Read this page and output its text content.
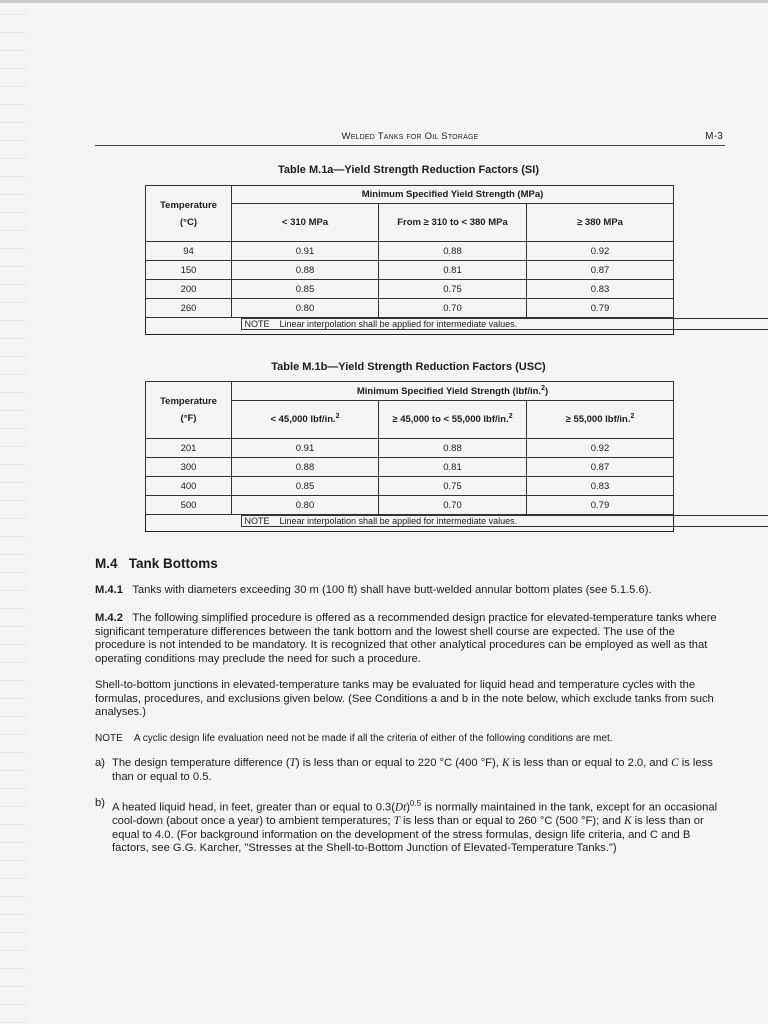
Welded Tanks for Oil Storage	M-3
Table M.1a—Yield Strength Reduction Factors (SI)
Temperature
(°C)	Minimum Specified Yield Strength (MPa)		
	< 310 MPa	From ≥ 310 to < 380 MPa	≥ 380 MPa
94	0.91	0.88	0.92
150	0.88	0.81	0.87
200	0.85	0.75	0.83
260	0.80	0.70	0.79

NOTE    Linear interpolation shall be applied for intermediate values.
Table M.1b—Yield Strength Reduction Factors (USC)
Temperature
(°F)	Minimum Specified Yield Strength (lbf/in.$^2$)		
	< 45,000 lbf/in.$^2$	≥ 45,000 to < 55,000 lbf/in.$^2$	≥ 55,000 lbf/in.$^2$
201	0.91	0.88	0.92
300	0.88	0.81	0.87
400	0.85	0.75	0.83
500	0.80	0.70	0.79

NOTE    Linear interpolation shall be applied for intermediate values.
M.4 Tank Bottoms
M.4.1 Tanks with diameters exceeding 30 m (100 ft) shall have butt-welded annular bottom plates (see 5.1.5.6).
M.4.2 The following simplified procedure is offered as a recommended design practice for elevated-temperature tanks where significant temperature differences between the tank bottom and the lowest shell course are expected. The use of the procedure is not intended to be mandatory. It is recognized that other analytical procedures can be employed as well as that operating conditions may preclude the need for such a procedure.
Shell-to-bottom junctions in elevated-temperature tanks may be evaluated for liquid head and temperature cycles with the formulas, procedures, and exclusions given below. (See Conditions a and b in the note below, which exclude tanks from such analyses.)
NOTE A cyclic design life evaluation need not be made if all the criteria of either of the following conditions are met.
a) The design temperature difference (T) is less than or equal to 220 °C (400 °F), K is less than or equal to 2.0, and C is less than or equal to 0.5.
b) A heated liquid head, in feet, greater than or equal to $0.3(Dt)^{0.5}$ is normally maintained in the tank, except for an occasional cool-down (about once a year) to ambient temperatures; T is less than or equal to 260 °C (500 °F); and K is less than or equal to 4.0. (For background information on the development of the stress formulas, design life criteria, and C and B factors, see G.G. Karcher, "Stresses at the Shell-to-Bottom Junction of Elevated-Temperature Tanks.")
